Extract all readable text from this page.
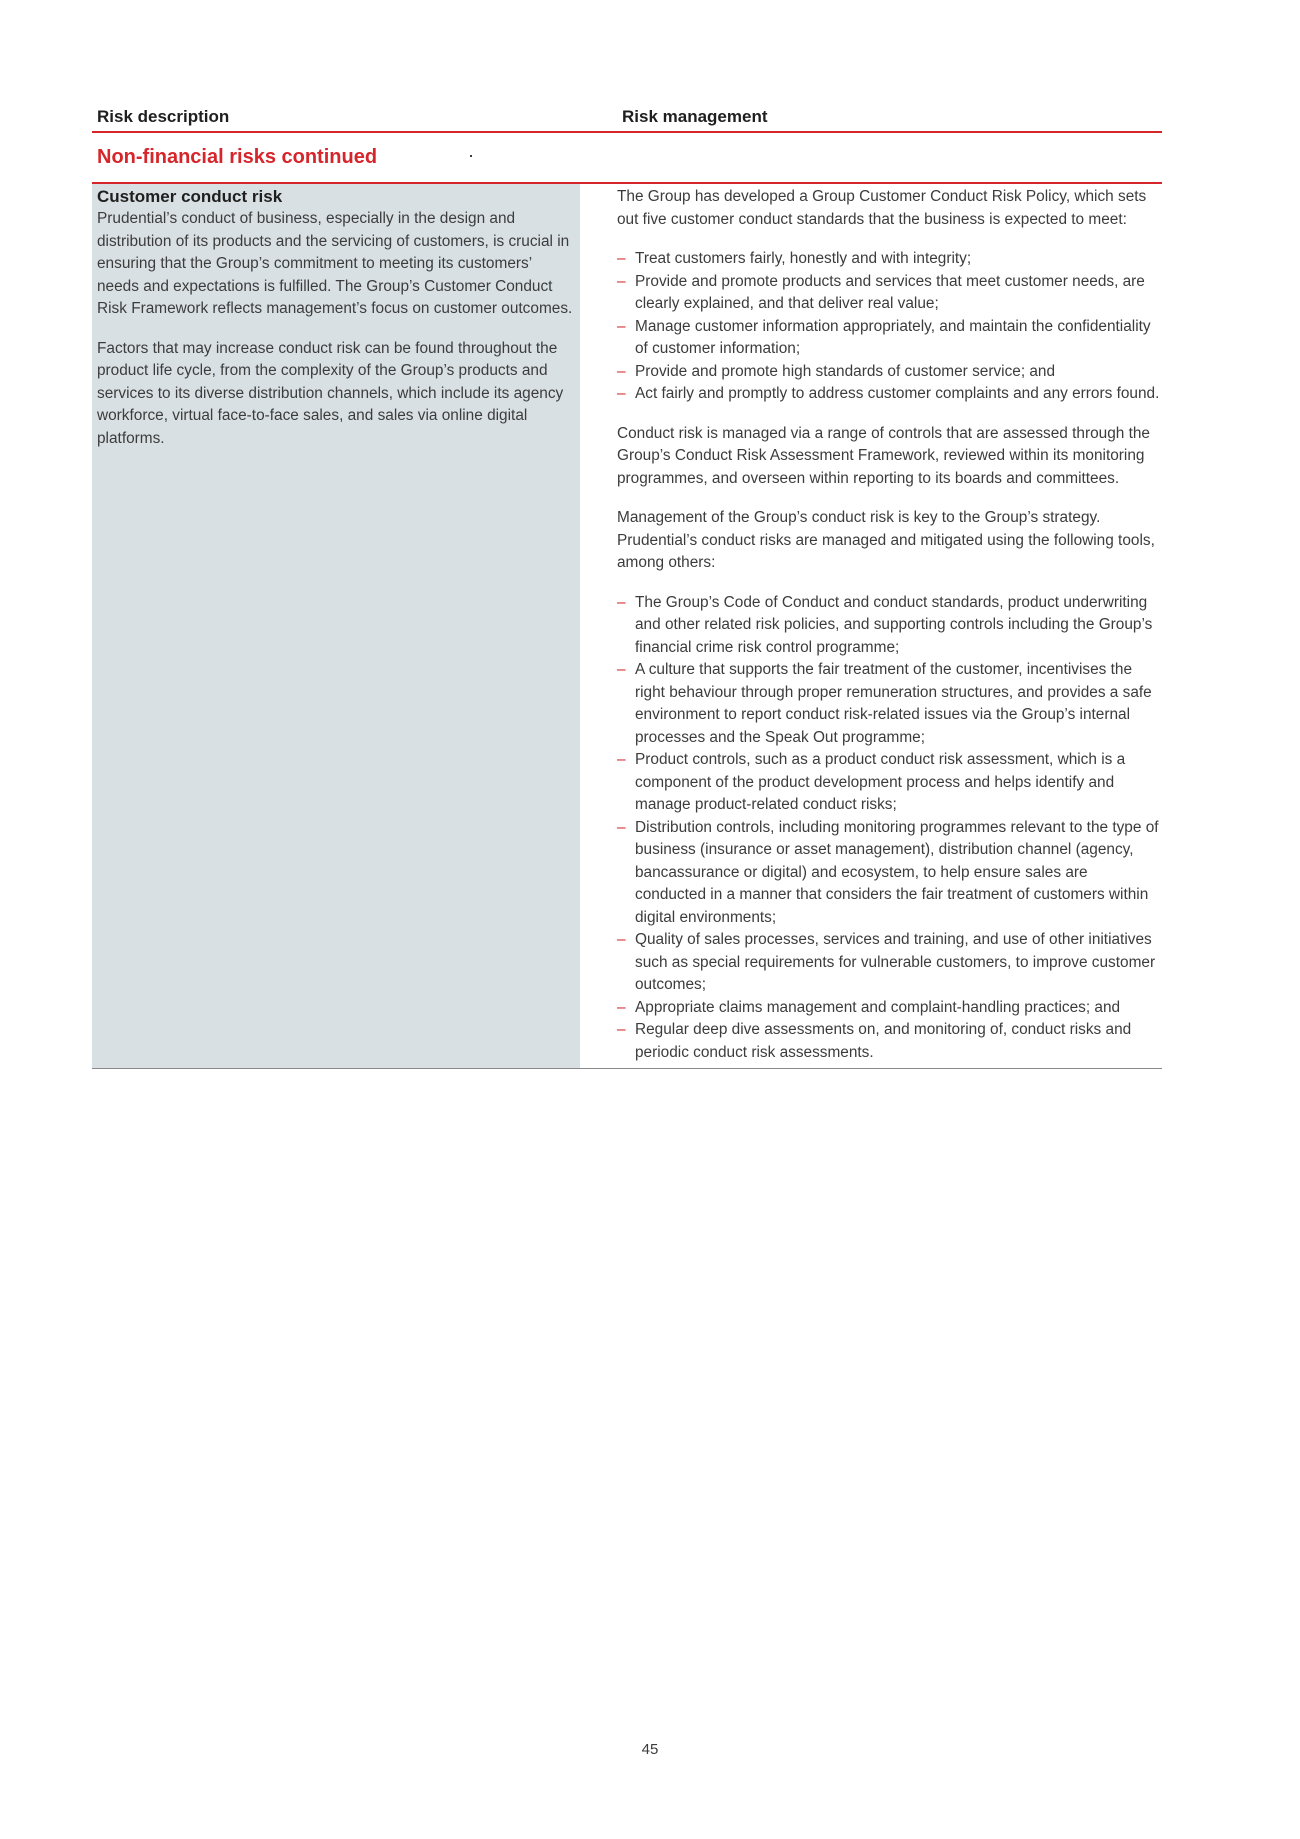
Risk description	Risk management
Non-financial risks continued
Customer conduct risk

Prudential’s conduct of business, especially in the design and distribution of its products and the servicing of customers, is crucial in ensuring that the Group’s commitment to meeting its customers’ needs and expectations is fulfilled. The Group’s Customer Conduct Risk Framework reflects management’s focus on customer outcomes.

Factors that may increase conduct risk can be found throughout the product life cycle, from the complexity of the Group’s products and services to its diverse distribution channels, which include its agency workforce, virtual face-to-face sales, and sales via online digital platforms.

The Group has developed a Group Customer Conduct Risk Policy, which sets out five customer conduct standards that the business is expected to meet:

– Treat customers fairly, honestly and with integrity;
– Provide and promote products and services that meet customer needs, are clearly explained, and that deliver real value;
– Manage customer information appropriately, and maintain the confidentiality of customer information;
– Provide and promote high standards of customer service; and
– Act fairly and promptly to address customer complaints and any errors found.

Conduct risk is managed via a range of controls that are assessed through the Group’s Conduct Risk Assessment Framework, reviewed within its monitoring programmes, and overseen within reporting to its boards and committees.

Management of the Group’s conduct risk is key to the Group’s strategy. Prudential’s conduct risks are managed and mitigated using the following tools, among others:

– The Group’s Code of Conduct and conduct standards, product underwriting and other related risk policies, and supporting controls including the Group’s financial crime risk control programme;
– A culture that supports the fair treatment of the customer, incentivises the right behaviour through proper remuneration structures, and provides a safe environment to report conduct risk-related issues via the Group’s internal processes and the Speak Out programme;
– Product controls, such as a product conduct risk assessment, which is a component of the product development process and helps identify and manage product-related conduct risks;
– Distribution controls, including monitoring programmes relevant to the type of business (insurance or asset management), distribution channel (agency, bancassurance or digital) and ecosystem, to help ensure sales are conducted in a manner that considers the fair treatment of customers within digital environments;
– Quality of sales processes, services and training, and use of other initiatives such as special requirements for vulnerable customers, to improve customer outcomes;
– Appropriate claims management and complaint-handling practices; and
– Regular deep dive assessments on, and monitoring of, conduct risks and periodic conduct risk assessments.
45
